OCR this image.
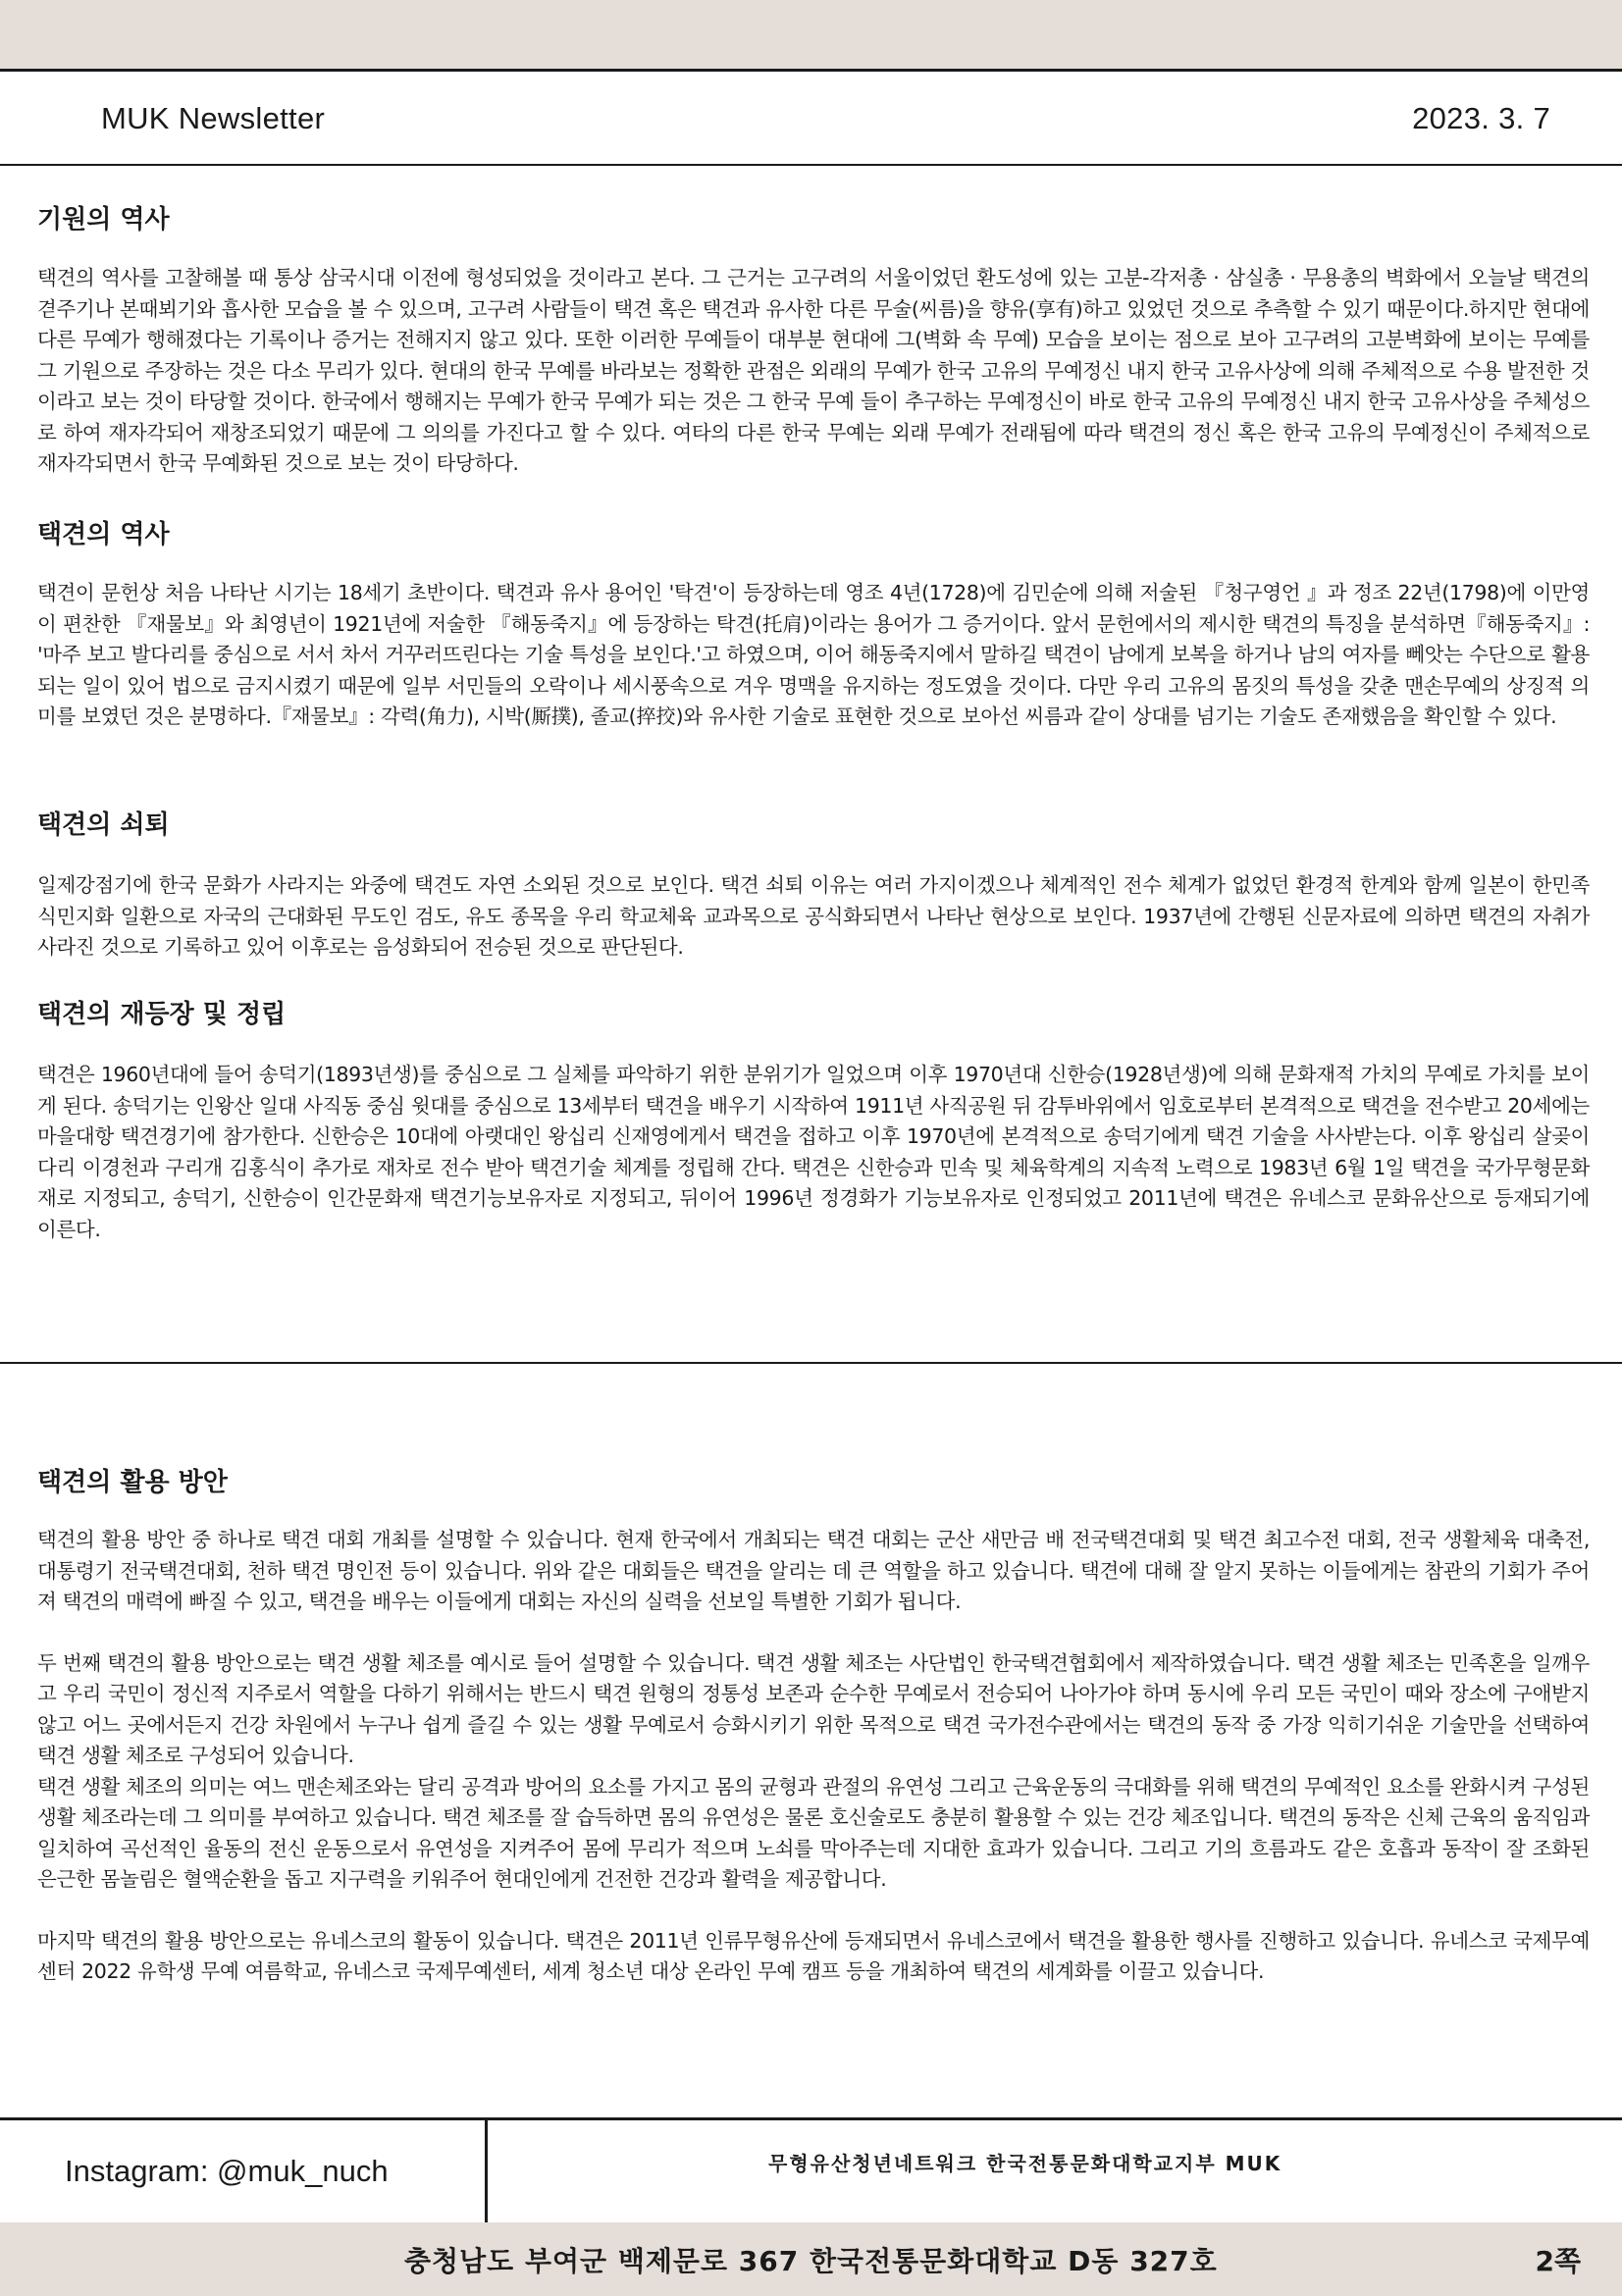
MUK Newsletter	2023. 3. 7
기원의 역사

택견의 역사를 고찰해볼 때 통상 삼국시대 이전에 형성되었을 것이라고 본다. 그 근거는 고구려의 서울이었던 환도성에 있는 고분-각저총 · 삼실총 · 무용총의 벽화에서 오늘날 택견의 겯주기나 본때뵈기와 흡사한 모습을 볼 수 있으며, 고구려 사람들이 택견 혹은 택견과 유사한 다른 무술(씨름)을 향유(享有)하고 있었던 것으로 추측할 수 있기 때문이다.하지만 현대에 다른 무예가 행해졌다는 기록이나 증거는 전해지지 않고 있다. 또한 이러한 무예들이 대부분 현대에 그(벽화 속 무예) 모습을 보이는 점으로 보아 고구려의 고분벽화에 보이는 무예를 그 기원으로 주장하는 것은 다소 무리가 있다. 현대의 한국 무예를 바라보는 정확한 관점은 외래의 무예가 한국 고유의 무예정신 내지 한국 고유사상에 의해 주체적으로 수용 발전한 것이라고 보는 것이 타당할 것이다. 한국에서 행해지는 무예가 한국 무예가 되는 것은 그 한국 무예 들이 추구하는 무예정신이 바로 한국 고유의 무예정신 내지 한국 고유사상을 주체성으로 하여 재자각되어 재창조되었기 때문에 그 의의를 가진다고 할 수 있다. 여타의 다른 한국 무예는 외래 무예가 전래됨에 따라 택견의 정신 혹은 한국 고유의 무예정신이 주체적으로 재자각되면서 한국 무예화된 것으로 보는 것이 타당하다.

택견의 역사

택견이 문헌상 처음 나타난 시기는 18세기 초반이다. 택견과 유사 용어인 '탁견'이 등장하는데 영조 4년(1728)에 김민순에 의해 저술된 『청구영언 』과 정조 22년(1798)에 이만영이 편찬한 『재물보』와 최영년이 1921년에 저술한 『해동죽지』에 등장하는 탁견(托肩)이라는 용어가 그 증거이다. 앞서 문헌에서의 제시한 택견의 특징을 분석하면『해동죽지』: '마주 보고 발다리를 중심으로 서서 차서 거꾸러뜨린다는 기술 특성을 보인다.'고 하였으며, 이어 해동죽지에서 말하길 택견이 남에게 보복을 하거나 남의 여자를 뻬앗는 수단으로 활용되는 일이 있어 법으로 금지시켰기 때문에 일부 서민들의 오락이나 세시풍속으로 겨우 명맥을 유지하는 정도였을 것이다. 다만 우리 고유의 몸짓의 특성을 갖춘 맨손무예의 상징적 의미를 보였던 것은 분명하다.『재물보』: 각력(角力), 시박(厮撲), 졸교(捽挍)와 유사한 기술로 표현한 것으로 보아선 씨름과 같이 상대를 넘기는 기술도 존재했음을 확인할 수 있다.

택견의 쇠퇴

일제강점기에 한국 문화가 사라지는 와중에 택견도 자연 소외된 것으로 보인다. 택견 쇠퇴 이유는 여러 가지이겠으나 체계적인 전수 체계가 없었던 환경적 한계와 함께 일본이 한민족 식민지화 일환으로 자국의 근대화된 무도인 검도, 유도 종목을 우리 학교체육 교과목으로 공식화되면서 나타난 현상으로 보인다. 1937년에 간행된 신문자료에 의하면 택견의 자취가 사라진 것으로 기록하고 있어 이후로는 음성화되어 전승된 것으로 판단된다.

택견의 재등장 및 정립

택견은 1960년대에 들어 송덕기(1893년생)를 중심으로 그 실체를 파악하기 위한 분위기가 일었으며 이후 1970년대 신한승(1928년생)에 의해 문화재적 가치의 무예로 가치를 보이게 된다. 송덕기는 인왕산 일대 사직동 중심 윗대를 중심으로 13세부터 택견을 배우기 시작하여 1911년 사직공원 뒤 감투바위에서 임호로부터 본격적으로 택견을 전수받고 20세에는 마을대항 택견경기에 참가한다. 신한승은 10대에 아랫대인 왕십리 신재영에게서 택견을 접하고 이후 1970년에 본격적으로 송덕기에게 택견 기술을 사사받는다. 이후 왕십리 살곶이다리 이경천과 구리개 김홍식이 추가로 재차로 전수 받아 택견기술 체계를 정립해 간다. 택견은 신한승과 민속 및 체육학계의 지속적 노력으로 1983년 6월 1일 택견을 국가무형문화재로 지정되고, 송덕기, 신한승이 인간문화재 택견기능보유자로 지정되고, 뒤이어 1996년 정경화가 기능보유자로 인정되었고 2011년에 택견은 유네스코 문화유산으로 등재되기에 이른다.

택견의 활용 방안

택견의 활용 방안 중 하나로 택견 대회 개최를 설명할 수 있습니다. 현재 한국에서 개최되는 택견 대회는 군산 새만금 배 전국택견대회 및 택견 최고수전 대회, 전국 생활체육 대축전, 대통령기 전국택견대회, 천하 택견 명인전 등이 있습니다. 위와 같은 대회들은 택견을 알리는 데 큰 역할을 하고 있습니다. 택견에 대해 잘 알지 못하는 이들에게는 참관의 기회가 주어져 택견의 매력에 빠질 수 있고, 택견을 배우는 이들에게 대회는 자신의 실력을 선보일 특별한 기회가 됩니다.

두 번째 택견의 활용 방안으로는 택견 생활 체조를 예시로 들어 설명할 수 있습니다. 택견 생활 체조는 사단법인 한국택견협회에서 제작하였습니다. 택견 생활 체조는 민족혼을 일깨우고 우리 국민이 정신적 지주로서 역할을 다하기 위해서는 반드시 택견 원형의 정통성 보존과 순수한 무예로서 전승되어 나아가야 하며 동시에 우리 모든 국민이 때와 장소에 구애받지 않고 어느 곳에서든지 건강 차원에서 누구나 쉽게 즐길 수 있는 생활 무예로서 승화시키기 위한 목적으로 택견 국가전수관에서는 택견의 동작 중 가장 익히기쉬운 기술만을 선택하여 택견 생활 체조로 구성되어 있습니다.

택견 생활 체조의 의미는 여느 맨손체조와는 달리 공격과 방어의 요소를 가지고 몸의 균형과 관절의 유연성 그리고 근육운동의 극대화를 위해 택견의 무예적인 요소를 완화시켜 구성된 생활 체조라는데 그 의미를 부여하고 있습니다. 택견 체조를 잘 습득하면 몸의 유연성은 물론 호신술로도 충분히 활용할 수 있는 건강 체조입니다. 택견의 동작은 신체 근육의 움직임과 일치하여 곡선적인 율동의 전신 운동으로서 유연성을 지켜주어 몸에 무리가 적으며 노쇠를 막아주는데 지대한 효과가 있습니다. 그리고 기의 흐름과도 같은 호흡과 동작이 잘 조화된 은근한 몸놀림은 혈액순환을 돕고 지구력을 키워주어 현대인에게 건전한 건강과 활력을 제공합니다.

마지막 택견의 활용 방안으로는 유네스코의 활동이 있습니다. 택견은 2011년 인류무형유산에 등재되면서 유네스코에서 택견을 활용한 행사를 진행하고 있습니다. 유네스코 국제무예센터 2022 유학생 무예 여름학교, 유네스코 국제무예센터, 세계 청소년 대상 온라인 무예 캠프 등을 개최하여 택견의 세계화를 이끌고 있습니다.

Instagram: @muk_nuch	무형유산청년네트워크 한국전통문화대학교지부 MUK
충청남도 부여군 백제문로 367 한국전통문화대학교 D동 327호	2쪽
